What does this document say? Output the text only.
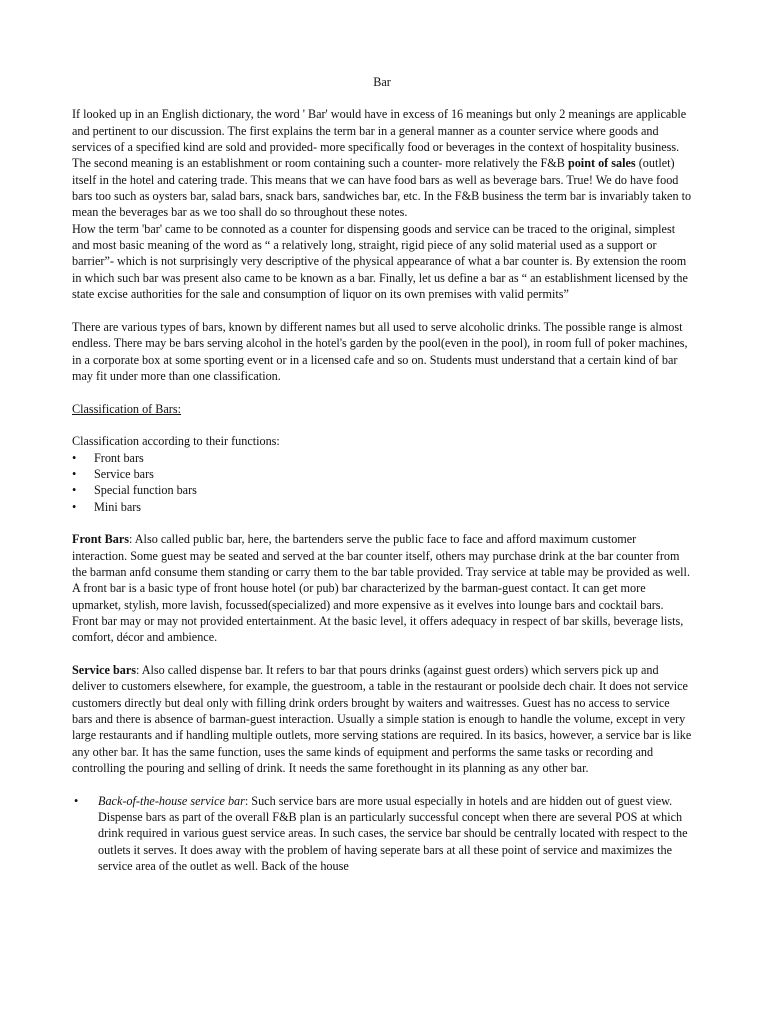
Bar

If looked up in an English dictionary, the word ' Bar' would have in excess of 16 meanings but only 2 meanings are applicable and pertinent to our discussion. The first explains the term bar in a general manner as a counter service where goods and services of a specified kind are sold and provided- more specifically food or beverages in the context of hospitality business. The second meaning is an establishment or room containing such a counter- more relatively the F&B point of sales (outlet) itself in the hotel and catering trade. This means that we can have food bars as well as beverage bars. True! We do have food bars too such as oysters bar, salad bars, snack bars, sandwiches bar, etc. In the F&B business the term bar is invariably taken to mean the beverages bar as we too shall do so throughout these notes.

How the term 'bar' came to be connoted as a counter for dispensing goods and service can be traced to the original, simplest and most basic meaning of the word as “ a relatively long, straight, rigid piece of any solid material used as a support or barrier”- which is not surprisingly very descriptive of the physical appearance of what a bar counter is. By extension the room in which such bar was present also came to be known as a bar. Finally, let us define a bar as “ an establishment licensed by the state excise authorities for the sale and consumption of liquor on its own premises with valid permits”

There are various types of bars, known by different names but all used to serve alcoholic drinks. The possible range is almost endless. There may be bars serving alcohol in the hotel's garden by the pool(even in the pool), in room full of poker machines, in a corporate box at some sporting event or in a licensed cafe and so on. Students must understand that a certain kind of bar may fit under more than one classification.

Classification of Bars:

Classification according to their functions:

• Front bars
• Service bars
• Special function bars
• Mini bars

Front Bars: Also called public bar, here, the bartenders serve the public face to face and afford maximum customer interaction. Some guest may be seated and served at the bar counter itself, others may purchase drink at the bar counter from the barman anfd consume them standing or carry them to the bar table provided. Tray service at table may be provided as well. A front bar is a basic type of front house hotel (or pub) bar characterized by the barman-guest contact. It can get more upmarket, stylish, more lavish, focussed(specialized) and more expensive as it evelves into lounge bars and cocktail bars. Front bar may or may not provided entertainment. At the basic level, it offers adequacy in respect of bar skills, beverage lists, comfort, décor and ambience.

Service bars: Also called dispense bar. It refers to bar that pours drinks (against guest orders) which servers pick up and deliver to customers elsewhere, for example, the guestroom, a table in the restaurant or poolside dech chair. It does not service customers directly but deal only with filling drink orders brought by waiters and waitresses. Guest has no access to service bars and there is absence of barman-guest interaction. Usually a simple station is enough to handle the volume, except in very large restaurants and if handling multiple outlets, more serving stations are required. In its basics, however, a service bar is like any other bar. It has the same function, uses the same kinds of equipment and performs the same tasks or recording and controlling the pouring and selling of drink. It needs the same forethought in its planning as any other bar.

• Back-of-the-house service bar: Such service bars are more usual especially in hotels and are hidden out of guest view. Dispense bars as part of the overall F&B plan is an particularly successful concept when there are several POS at which drink required in various guest service areas. In such cases, the service bar should be centrally located with respect to the outlets it serves. It does away with the problem of having seperate bars at all these point of service and maximizes the service area of the outlet as well. Back of the house
